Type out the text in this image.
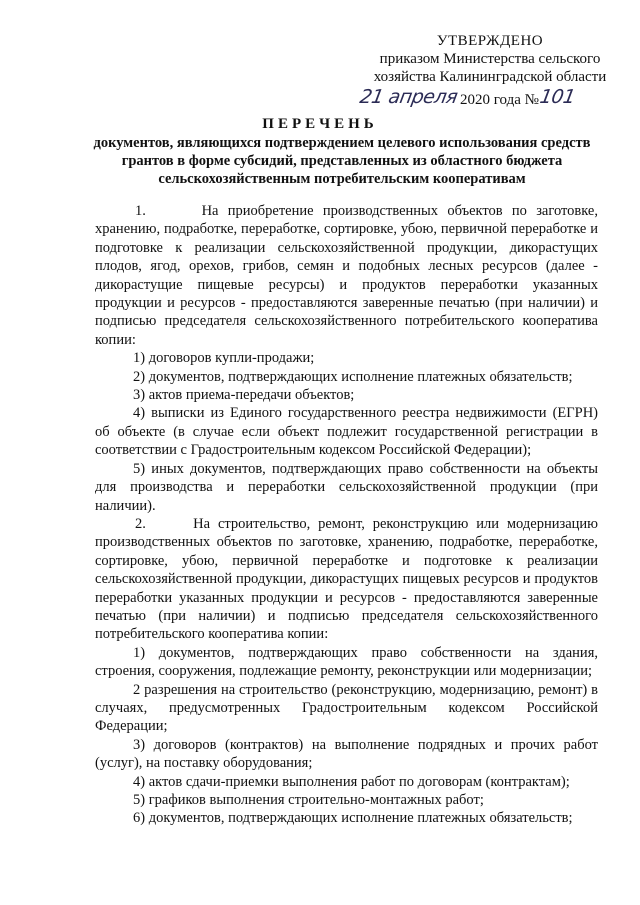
УТВЕРЖДЕНО
приказом Министерства сельского
хозяйства Калининградской области
21 апреля 2020 года № 101
ПЕРЕЧЕНЬ
документов, являющихся подтверждением целевого использования средств грантов в форме субсидий, представленных из областного бюджета сельскохозяйственным потребительским кооперативам

1.      На приобретение производственных объектов по заготовке, хранению, подработке, переработке, сортировке, убою, первичной переработке и подготовке к реализации сельскохозяйственной продукции, дикорастущих плодов, ягод, орехов, грибов, семян и подобных лесных ресурсов (далее - дикорастущие пищевые ресурсы) и продуктов переработки указанных продукции и ресурсов - предоставляются заверенные печатью (при наличии) и подписью председателя сельскохозяйственного потребительского кооператива копии:

1) договоров купли-продажи;

2) документов, подтверждающих исполнение платежных обязательств;

3) актов приема-передачи объектов;

4) выписки из Единого государственного реестра недвижимости (ЕГРН) об объекте (в случае если объект подлежит государственной регистрации в соответствии с Градостроительным кодексом Российской Федерации);

5) иных документов, подтверждающих право собственности на объекты для производства и переработки сельскохозяйственной продукции (при наличии).

2.      На строительство, ремонт, реконструкцию или модернизацию производственных объектов по заготовке, хранению, подработке, переработке, сортировке, убою, первичной переработке и подготовке к реализации сельскохозяйственной продукции, дикорастущих пищевых ресурсов и продуктов переработки указанных продукции и ресурсов - предоставляются заверенные печатью (при наличии) и подписью председателя сельскохозяйственного потребительского кооператива копии:

1) документов, подтверждающих право собственности на здания, строения, сооружения, подлежащие ремонту, реконструкции или модернизации;

2 разрешения на строительство (реконструкцию, модернизацию, ремонт) в случаях, предусмотренных Градостроительным кодексом Российской Федерации;

3) договоров (контрактов) на выполнение подрядных и прочих работ (услуг), на поставку оборудования;

4) актов сдачи-приемки выполнения работ по договорам (контрактам);

5) графиков выполнения строительно-монтажных работ;

6) документов, подтверждающих исполнение платежных обязательств;
